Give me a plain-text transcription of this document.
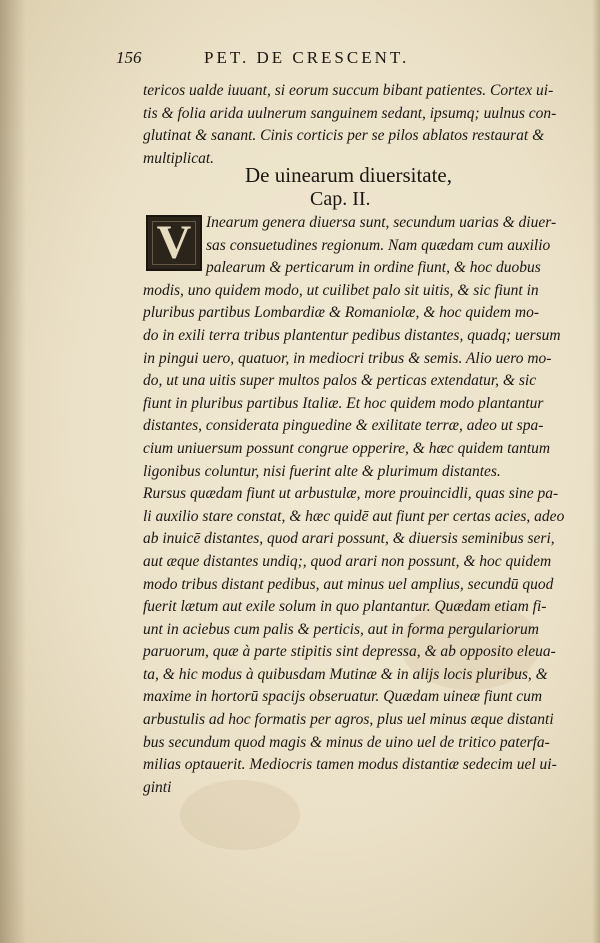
156	PET. DE CRESCENT.
tericos ualde iuuant, si eorum succum bibant patientes. Cortex ui-
tis & folia arida uulnerum sanguinem sedant, ipsumq; uulnus con-
glutinat & sanant. Cinis corticis per se pilos ablatos restaurat &
multiplicat.
De uinearum diuersitate,
Cap. II.
V Inearum genera diuersa sunt, secundum uarias & diuer-
sas consuetudines regionum. Nam quædam cum auxilio
palearum & perticarum in ordine fiunt, & hoc duobus
modis, uno quidem modo, ut cuilibet palo sit uitis, & sic fiunt in
pluribus partibus Lombardiæ & Romaniolæ, & hoc quidem mo-
do in exili terra tribus plantentur pedibus distantes, quadq; uersum
in pingui uero, quatuor, in mediocri tribus & semis. Alio uero mo-
do, ut una uitis super multos palos & perticas extendatur, & sic
fiunt in pluribus partibus Italiæ. Et hoc quidem modo plantantur
distantes, considerata pinguedine & exilitate terræ, adeo ut spa-
cium uniuersum possunt congrue opperire, & hæc quidem tantum
ligonibus coluntur, nisi fuerint alte & plurimum distantes.
Rursus quædam fiunt ut arbustulæ, more prouincidli, quas sine pa-
li auxilio stare constat, & hæc quidē aut fiunt per certas acies, adeo
ab inuicē distantes, quod arari possunt, & diuersis seminibus seri,
aut æque distantes undiq;, quod arari non possunt, & hoc quidem
modo tribus distant pedibus, aut minus uel amplius, secundū quod
fuerit lætum aut exile solum in quo plantantur. Quædam etiam fi-
unt in aciebus cum palis & perticis, aut in forma pergulariorum
paruorum, quæ à parte stipitis sint depressa, & ab opposito eleua-
ta, & hic modus à quibusdam Mutinæ & in alijs locis pluribus, &
maxime in hortorū spacijs obseruatur. Quædam uineæ fiunt cum
arbustulis ad hoc formatis per agros, plus uel minus æque distanti
bus secundum quod magis & minus de uino uel de tritico paterfa-
milias optauerit. Mediocris tamen modus distantiæ sedecim uel ui-
ginti
